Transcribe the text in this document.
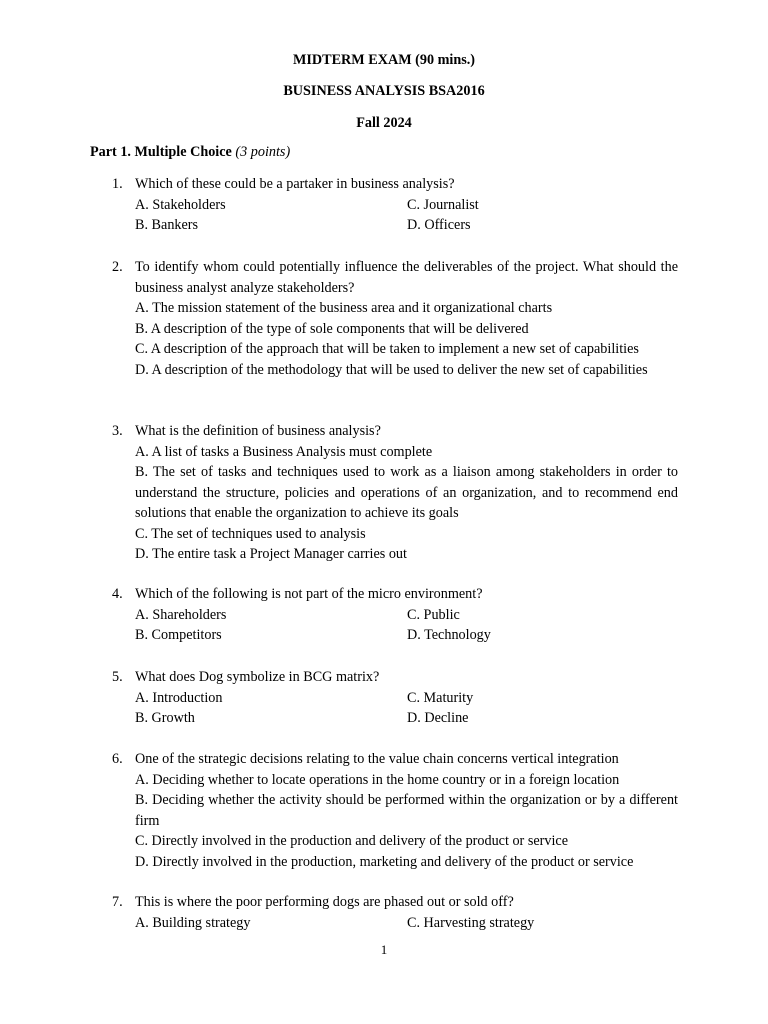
MIDTERM EXAM (90 mins.)
BUSINESS ANALYSIS BSA2016
Fall 2024
Part 1. Multiple Choice (3 points)
1. Which of these could be a partaker in business analysis?
A. Stakeholders	C. Journalist
B. Bankers	D. Officers
2. To identify whom could potentially influence the deliverables of the project. What should the business analyst analyze stakeholders?
A. The mission statement of the business area and it organizational charts
B. A description of the type of sole components that will be delivered
C. A description of the approach that will be taken to implement a new set of capabilities
D. A description of the methodology that will be used to deliver the new set of capabilities
3. What is the definition of business analysis?
A. A list of tasks a Business Analysis must complete
B. The set of tasks and techniques used to work as a liaison among stakeholders in order to understand the structure, policies and operations of an organization, and to recommend end solutions that enable the organization to achieve its goals
C. The set of techniques used to analysis
D. The entire task a Project Manager carries out
4. Which of the following is not part of the micro environment?
A. Shareholders	C. Public
B. Competitors	D. Technology
5. What does Dog symbolize in BCG matrix?
A. Introduction	C. Maturity
B. Growth	D. Decline
6. One of the strategic decisions relating to the value chain concerns vertical integration
A. Deciding whether to locate operations in the home country or in a foreign location
B. Deciding whether the activity should be performed within the organization or by a different firm
C. Directly involved in the production and delivery of the product or service
D. Directly involved in the production, marketing and delivery of the product or service
7. This is where the poor performing dogs are phased out or sold off?
A. Building strategy	C. Harvesting strategy
1
